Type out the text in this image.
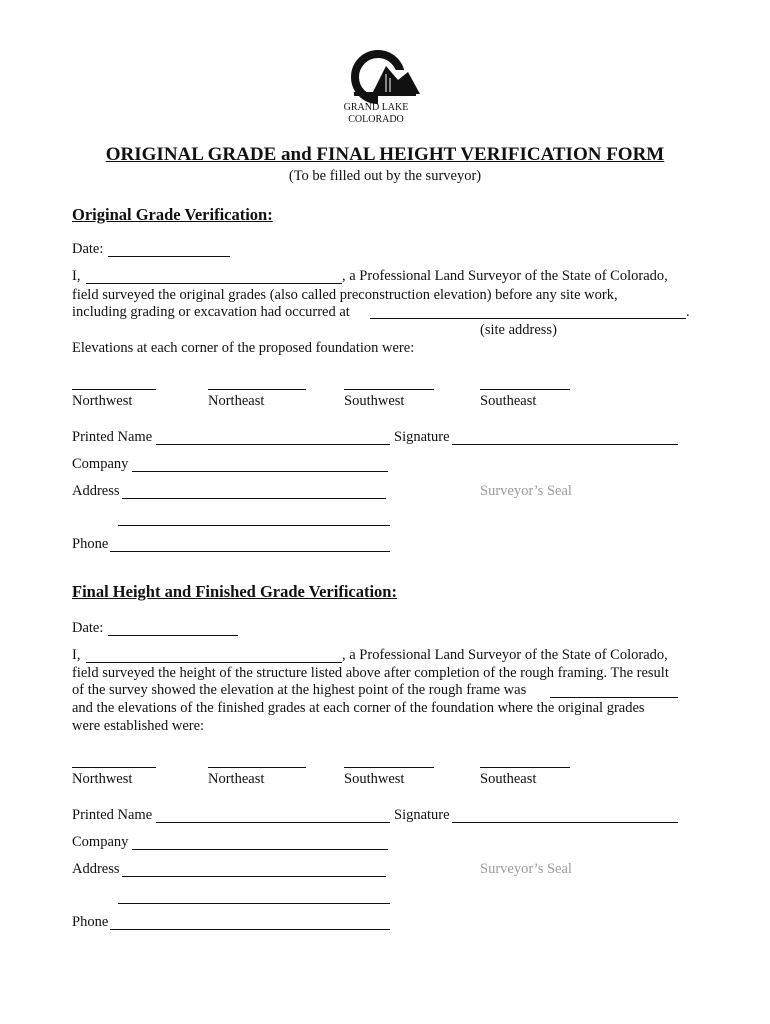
GRAND LAKE
COLORADO
ORIGINAL GRADE and FINAL HEIGHT VERIFICATION FORM
(To be filled out by the surveyor)
Original Grade Verification:
Date:
I,	, a Professional Land Surveyor of the State of Colorado,
field surveyed the original grades (also called preconstruction elevation) before any site work,
including grading or excavation had occurred at	.
(site address)
Elevations at each corner of the proposed foundation were:
Northwest	Northeast	Southwest	Southeast
Printed Name	Signature
Company
Address	Surveyor’s Seal
Phone
Final Height and Finished Grade Verification:
Date:
I,	, a Professional Land Surveyor of the State of Colorado,
field surveyed the height of the structure listed above after completion of the rough framing. The result
of the survey showed the elevation at the highest point of the rough frame was
and the elevations of the finished grades at each corner of the foundation where the original grades
were established were:
Northwest	Northeast	Southwest	Southeast
Printed Name	Signature
Company
Address	Surveyor’s Seal
Phone
